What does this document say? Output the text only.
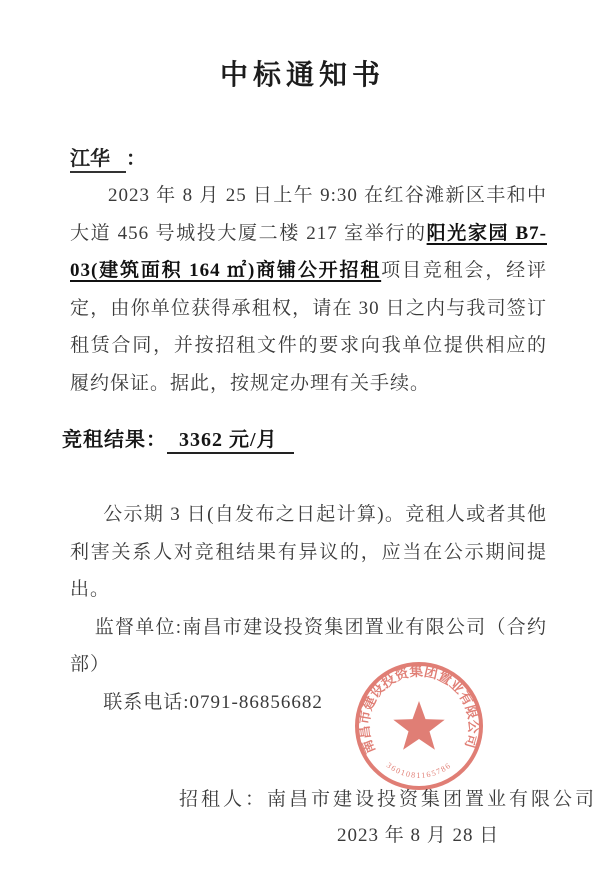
中标通知书
江华 ：
2023 年 8 月 25 日上午 9:30 在红谷滩新区丰和中大道 456 号城投大厦二楼 217 室举行的阳光家园 B7-03(建筑面积 164 ㎡)商铺公开招租项目竞租会，经评定，由你单位获得承租权，请在 30 日之内与我司签订租赁合同，并按招租文件的要求向我单位提供相应的履约保证。据此，按规定办理有关手续。
竞租结果： 3362 元/月
公示期 3 日(自发布之日起计算)。竞租人或者其他利害关系人对竞租结果有异议的，应当在公示期间提出。
监督单位:南昌市建设投资集团置业有限公司（合约部）
联系电话:0791-86856682
招租人：南昌市建设投资集团置业有限公司
2023 年 8 月 28 日
南昌市建设投资集团置业有限公司
3601081165786
